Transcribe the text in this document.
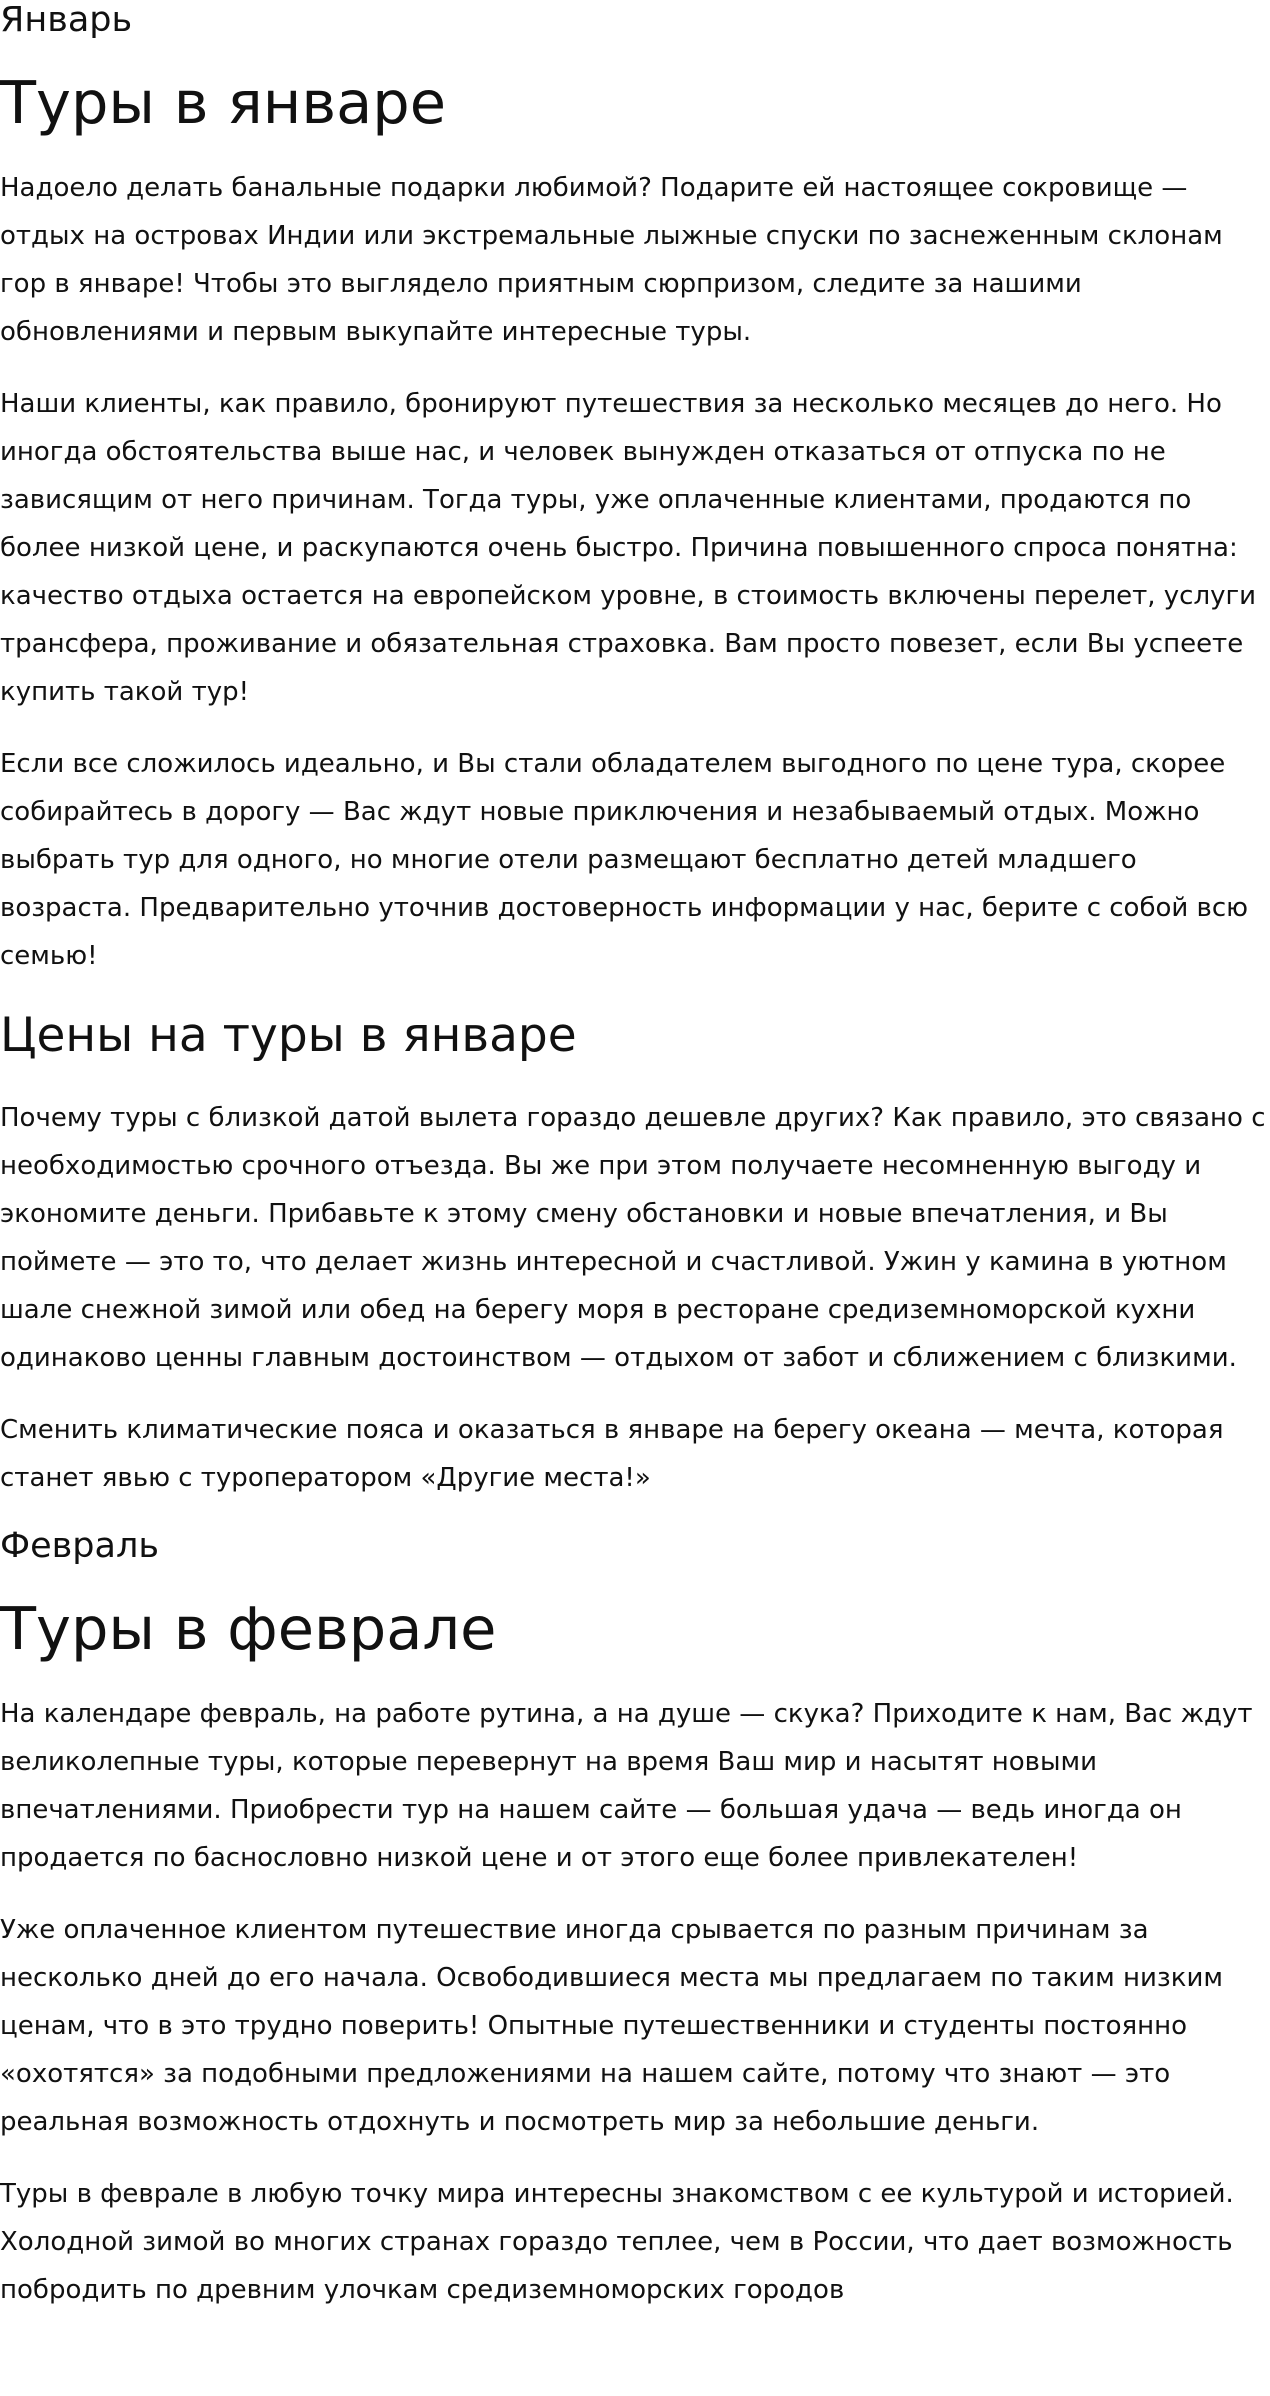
Январь
Туры в январе

Надоело делать банальные подарки любимой? Подарите ей настоящее сокровище — отдых на островах Индии или экстремальные лыжные спуски по заснеженным склонам гор в январе! Чтобы это выглядело приятным сюрпризом, следите за нашими обновлениями и первым выкупайте интересные туры.

Наши клиенты, как правило, бронируют путешествия за несколько месяцев до него. Но иногда обстоятельства выше нас, и человек вынужден отказаться от отпуска по не зависящим от него причинам. Тогда туры, уже оплаченные клиентами, продаются по более низкой цене, и раскупаются очень быстро. Причина повышенного спроса понятна: качество отдыха остается на европейском уровне, в стоимость включены перелет, услуги трансфера, проживание и обязательная страховка. Вам просто повезет, если Вы успеете купить такой тур!

Если все сложилось идеально, и Вы стали обладателем выгодного по цене тура, скорее собирайтесь в дорогу — Вас ждут новые приключения и незабываемый отдых. Можно выбрать тур для одного, но многие отели размещают бесплатно детей младшего возраста. Предварительно уточнив достоверность информации у нас, берите с собой всю семью!

Цены на туры в январе

Почему туры с близкой датой вылета гораздо дешевле других? Как правило, это связано с необходимостью срочного отъезда. Вы же при этом получаете несомненную выгоду и экономите деньги. Прибавьте к этому смену обстановки и новые впечатления, и Вы поймете — это то, что делает жизнь интересной и счастливой. Ужин у камина в уютном шале снежной зимой или обед на берегу моря в ресторане средиземноморской кухни одинаково ценны главным достоинством — отдыхом от забот и сближением с близкими.

Сменить климатические пояса и оказаться в январе на берегу океана — мечта, которая станет явью с туроператором «Другие места!»

Февраль
Туры в феврале

На календаре февраль, на работе рутина, а на душе — скука? Приходите к нам, Вас ждут великолепные туры, которые перевернут на время Ваш мир и насытят новыми впечатлениями. Приобрести тур на нашем сайте — большая удача — ведь иногда он продается по баснословно низкой цене и от этого еще более привлекателен!

Уже оплаченное клиентом путешествие иногда срывается по разным причинам за несколько дней до его начала. Освободившиеся места мы предлагаем по таким низким ценам, что в это трудно поверить! Опытные путешественники и студенты постоянно «охотятся» за подобными предложениями на нашем сайте, потому что знают — это реальная возможность отдохнуть и посмотреть мир за небольшие деньги.

Туры в феврале в любую точку мира интересны знакомством с ее культурой и историей. Холодной зимой во многих странах гораздо теплее, чем в России, что дает возможность побродить по древним улочкам средиземноморских городов
